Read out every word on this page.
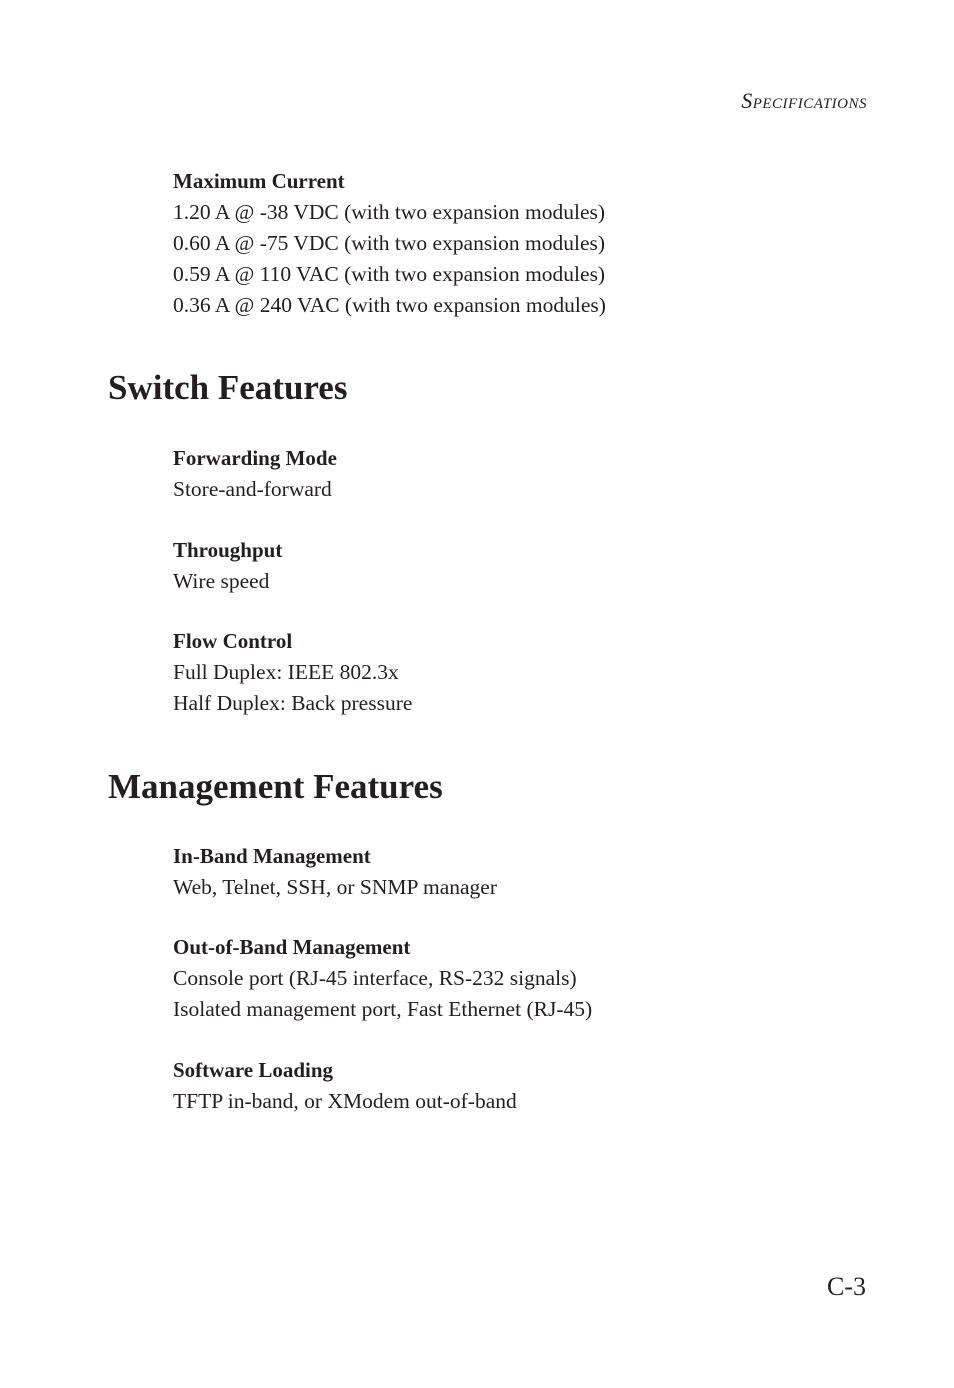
Specifications
Maximum Current
1.20 A @ -38 VDC (with two expansion modules)
0.60 A @ -75 VDC (with two expansion modules)
0.59 A @ 110 VAC (with two expansion modules)
0.36 A @ 240 VAC (with two expansion modules)
Switch Features
Forwarding Mode
Store-and-forward
Throughput
Wire speed
Flow Control
Full Duplex: IEEE 802.3x
Half Duplex: Back pressure
Management Features
In-Band Management
Web, Telnet, SSH, or SNMP manager
Out-of-Band Management
Console port (RJ-45 interface, RS-232 signals)
Isolated management port, Fast Ethernet (RJ-45)
Software Loading
TFTP in-band, or XModem out-of-band
C-3
